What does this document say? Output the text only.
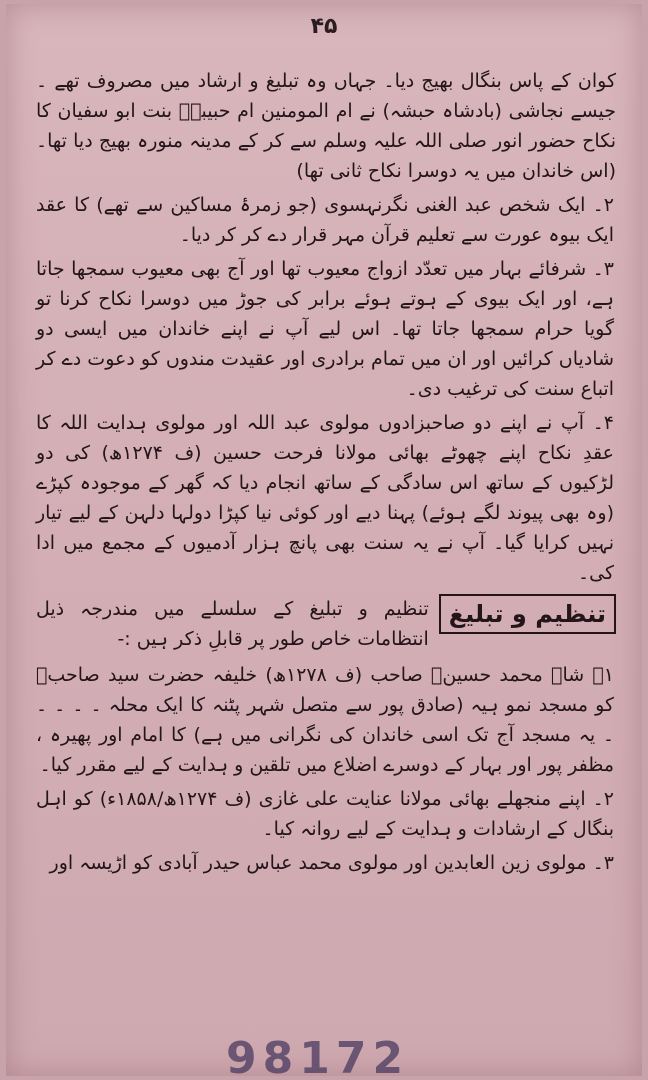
۴۵

کوان کے پاس بنگال بھیج دیا۔ جہاں وہ تبلیغ و ارشاد میں مصروف تھے ۔ جیسے نجاشی (بادشاہ حبشہ) نے ام المومنین ام حبیبہؓ بنت ابو سفیان کا نکاح حضور انور صلی اللہ علیہ وسلم سے کر کے مدینہ منورہ بھیج دیا تھا۔ (اس خاندان میں یہ دوسرا نکاح ثانی تھا)

۲۔ ایک شخص عبد الغنی نگرنہسوی (جو زمرۂ مساکین سے تھے) کا عقد ایک بیوہ عورت سے تعلیم قرآن مہر قرار دے کر کر دیا۔

۳۔ شرفائے بہار میں تعدّد ازواج معیوب تھا اور آج بھی معیوب سمجھا جاتا ہے، اور ایک بیوی کے ہوتے ہوئے برابر کی جوڑ میں دوسرا نکاح کرنا تو گویا حرام سمجھا جاتا تھا۔ اس لیے آپ نے اپنے خاندان میں ایسی دو شادیاں کرائیں اور ان میں تمام برادری اور عقیدت مندوں کو دعوت دے کر اتباع سنت کی ترغیب دی۔

۴۔ آپ نے اپنے دو صاحبزادوں مولوی عبد اللہ اور مولوی ہدایت اللہ کا عقدِ نکاح اپنے چھوٹے بھائی مولانا فرحت حسین (ف ۱۲۷۴ھ) کی دو لڑکیوں کے ساتھ اس سادگی کے ساتھ انجام دیا کہ گھر کے موجودہ کپڑے (وہ بھی پیوند لگے ہوئے) پہنا دیے اور کوئی نیا کپڑا دولہا دلہن کے لیے تیار نہیں کرایا گیا۔ آپ نے یہ سنت بھی پانچ ہزار آدمیوں کے مجمع میں ادا کی۔

تنظیم و تبلیغ
تنظیم و تبلیغ کے سلسلے میں مندرجہ ذیل انتظامات خاص طور پر قابلِ ذکر ہیں :-

۱۔ شاہ محمد حسینؒ صاحب (ف ۱۲۷۸ھ) خلیفہ حضرت سید صاحبؒ کو مسجد نمو ہیہ (صادق پور سے متصل شہر پٹنہ کا ایک محلہ ۔ ۔ ۔ ۔ ۔ یہ مسجد آج تک اسی خاندان کی نگرانی میں ہے) کا امام اور پھیرہ ، مظفر پور اور بہار کے دوسرے اضلاع میں تلقین و ہدایت کے لیے مقرر کیا۔

۲۔ اپنے منجھلے بھائی مولانا عنایت علی غازی (ف ۱۲۷۴ھ/۱۸۵۸ء) کو اہل بنگال کے ارشادات و ہدایت کے لیے روانہ کیا۔

۳۔ مولوی زین العابدین اور مولوی محمد عباس حیدر آبادی کو اڑیسہ اور

98172
